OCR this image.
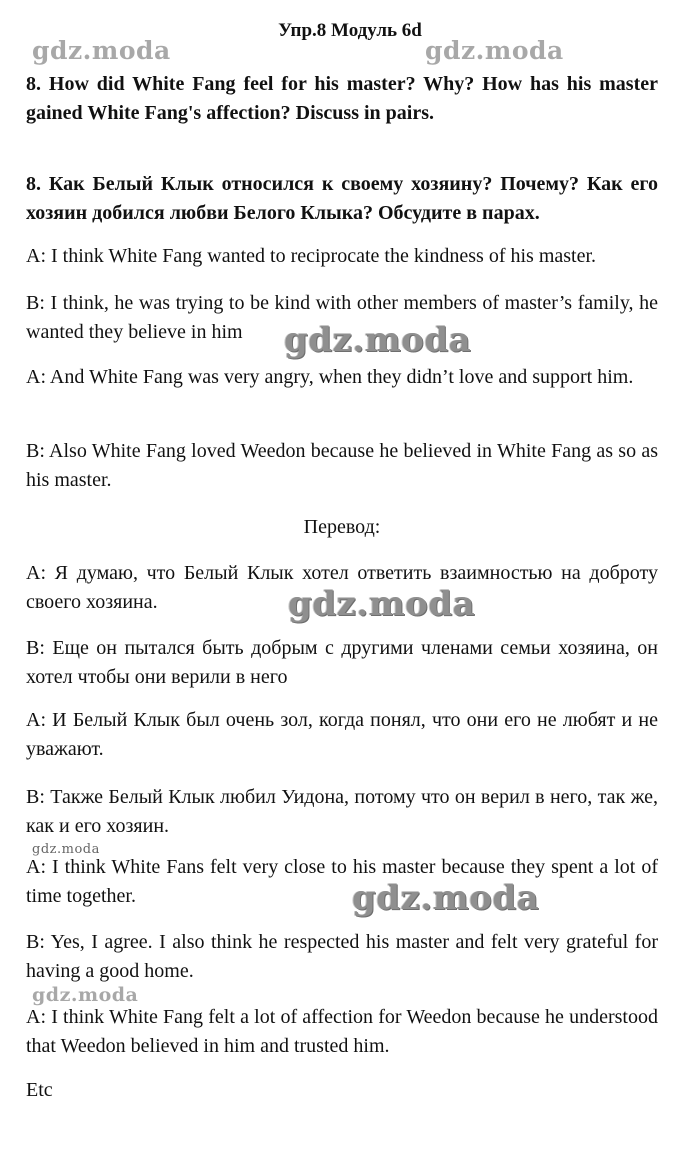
Упр.8 Модуль 6d

8. How did White Fang feel for his master? Why? How has his master gained White Fang's affection? Discuss in pairs.

8. Как Белый Клык относился к своему хозяину? Почему? Как его хозяин добился любви Белого Клыка? Обсудите в парах.

A: I think White Fang wanted to reciprocate the kindness of his master.

B: I think, he was trying to be kind with other members of master’s family, he wanted they believe in him

A: And White Fang was very angry, when they didn’t love and support him.

B: Also White Fang loved Weedon because he believed in White Fang as so as his master.

Перевод:

A: Я думаю, что Белый Клык хотел ответить взаимностью на доброту своего хозяина.

B: Еще он пытался быть добрым с другими членами семьи хозяина, он хотел чтобы они верили в него

A: И Белый Клык был очень зол, когда понял, что они его не любят и не уважают.

B: Также Белый Клык любил Уидона, потому что он верил в него, так же, как и его хозяин.

A: I think White Fans felt very close to his master because they spent a lot of time together.

B: Yes, I agree. I also think he respected his master and felt very grateful for having a good home.

A: I think White Fang felt a lot of affection for Weedon because he understood that Weedon believed in him and trusted him.

Etc

gdz.moda	gdz.moda
gdz.moda
gdz.moda
gdz.moda
gdz.moda
gdz.moda
